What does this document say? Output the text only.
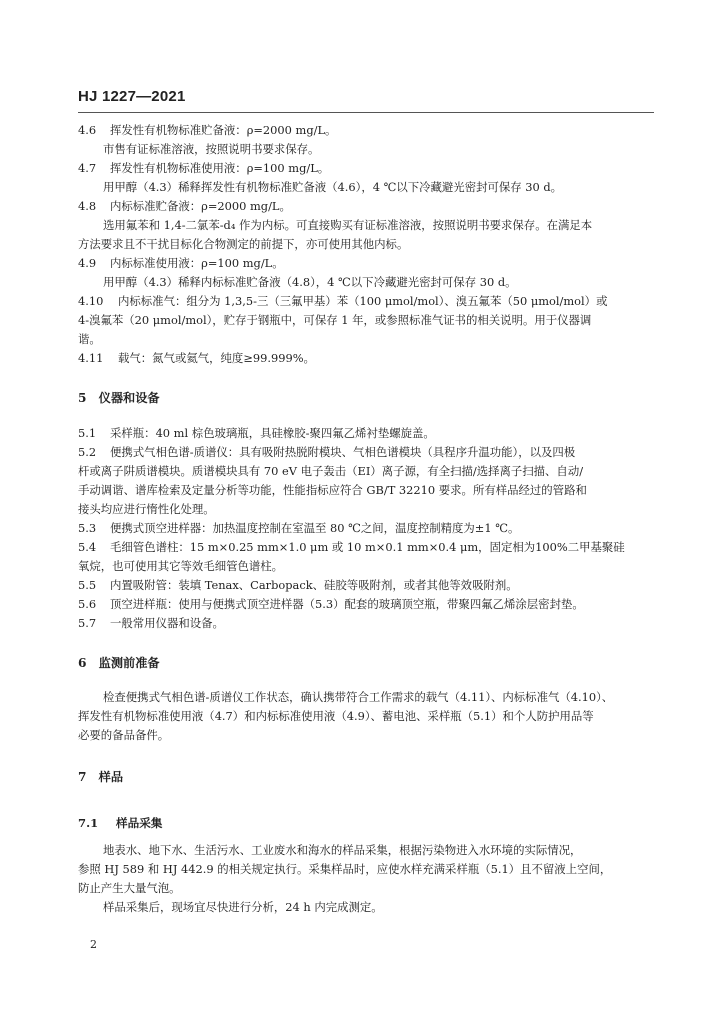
HJ 1227—2021
4.6 挥发性有机物标准贮备液：ρ=2000 mg/L。
市售有证标准溶液，按照说明书要求保存。
4.7 挥发性有机物标准使用液：ρ=100 mg/L。
用甲醇（4.3）稀释挥发性有机物标准贮备液（4.6），4 ℃以下冷藏避光密封可保存 30 d。
4.8 内标标准贮备液：ρ=2000 mg/L。
选用氟苯和 1,4-二氯苯-d₄ 作为内标。可直接购买有证标准溶液，按照说明书要求保存。在满足本
方法要求且不干扰目标化合物测定的前提下，亦可使用其他内标。
4.9 内标标准使用液：ρ=100 mg/L。
用甲醇（4.3）稀释内标标准贮备液（4.8），4 ℃以下冷藏避光密封可保存 30 d。
4.10 内标标准气：组分为 1,3,5-三（三氟甲基）苯（100 μmol/mol）、溴五氟苯（50 μmol/mol）或
4-溴氟苯（20 μmol/mol），贮存于钢瓶中，可保存 1 年，或参照标准气证书的相关说明。用于仪器调
谐。
4.11 载气：氮气或氦气，纯度≥99.999%。
5　仪器和设备
5.1 采样瓶：40 ml 棕色玻璃瓶，具硅橡胶-聚四氟乙烯衬垫螺旋盖。
5.2 便携式气相色谱-质谱仪：具有吸附热脱附模块、气相色谱模块（具程序升温功能），以及四极
杆或离子阱质谱模块。质谱模块具有 70 eV 电子轰击（EI）离子源，有全扫描/选择离子扫描、自动/
手动调谐、谱库检索及定量分析等功能，性能指标应符合 GB/T 32210 要求。所有样品经过的管路和
接头均应进行惰性化处理。
5.3 便携式顶空进样器：加热温度控制在室温至 80 ℃之间，温度控制精度为±1 ℃。
5.4 毛细管色谱柱：15 m×0.25 mm×1.0 μm 或 10 m×0.1 mm×0.4 μm，固定相为100%二甲基聚硅
氧烷，也可使用其它等效毛细管色谱柱。
5.5 内置吸附管：装填 Tenax、Carbopack、硅胶等吸附剂，或者其他等效吸附剂。
5.6 顶空进样瓶：使用与便携式顶空进样器（5.3）配套的玻璃顶空瓶，带聚四氟乙烯涂层密封垫。
5.7 一般常用仪器和设备。
6　监测前准备
检查便携式气相色谱-质谱仪工作状态，确认携带符合工作需求的载气（4.11）、内标标准气（4.10）、
挥发性有机物标准使用液（4.7）和内标标准使用液（4.9）、蓄电池、采样瓶（5.1）和个人防护用品等
必要的备品备件。
7　样品
7.1 样品采集
地表水、地下水、生活污水、工业废水和海水的样品采集，根据污染物进入水环境的实际情况，
参照 HJ 589 和 HJ 442.9 的相关规定执行。采集样品时，应使水样充满采样瓶（5.1）且不留液上空间，
防止产生大量气泡。
样品采集后，现场宜尽快进行分析，24 h 内完成测定。
2
